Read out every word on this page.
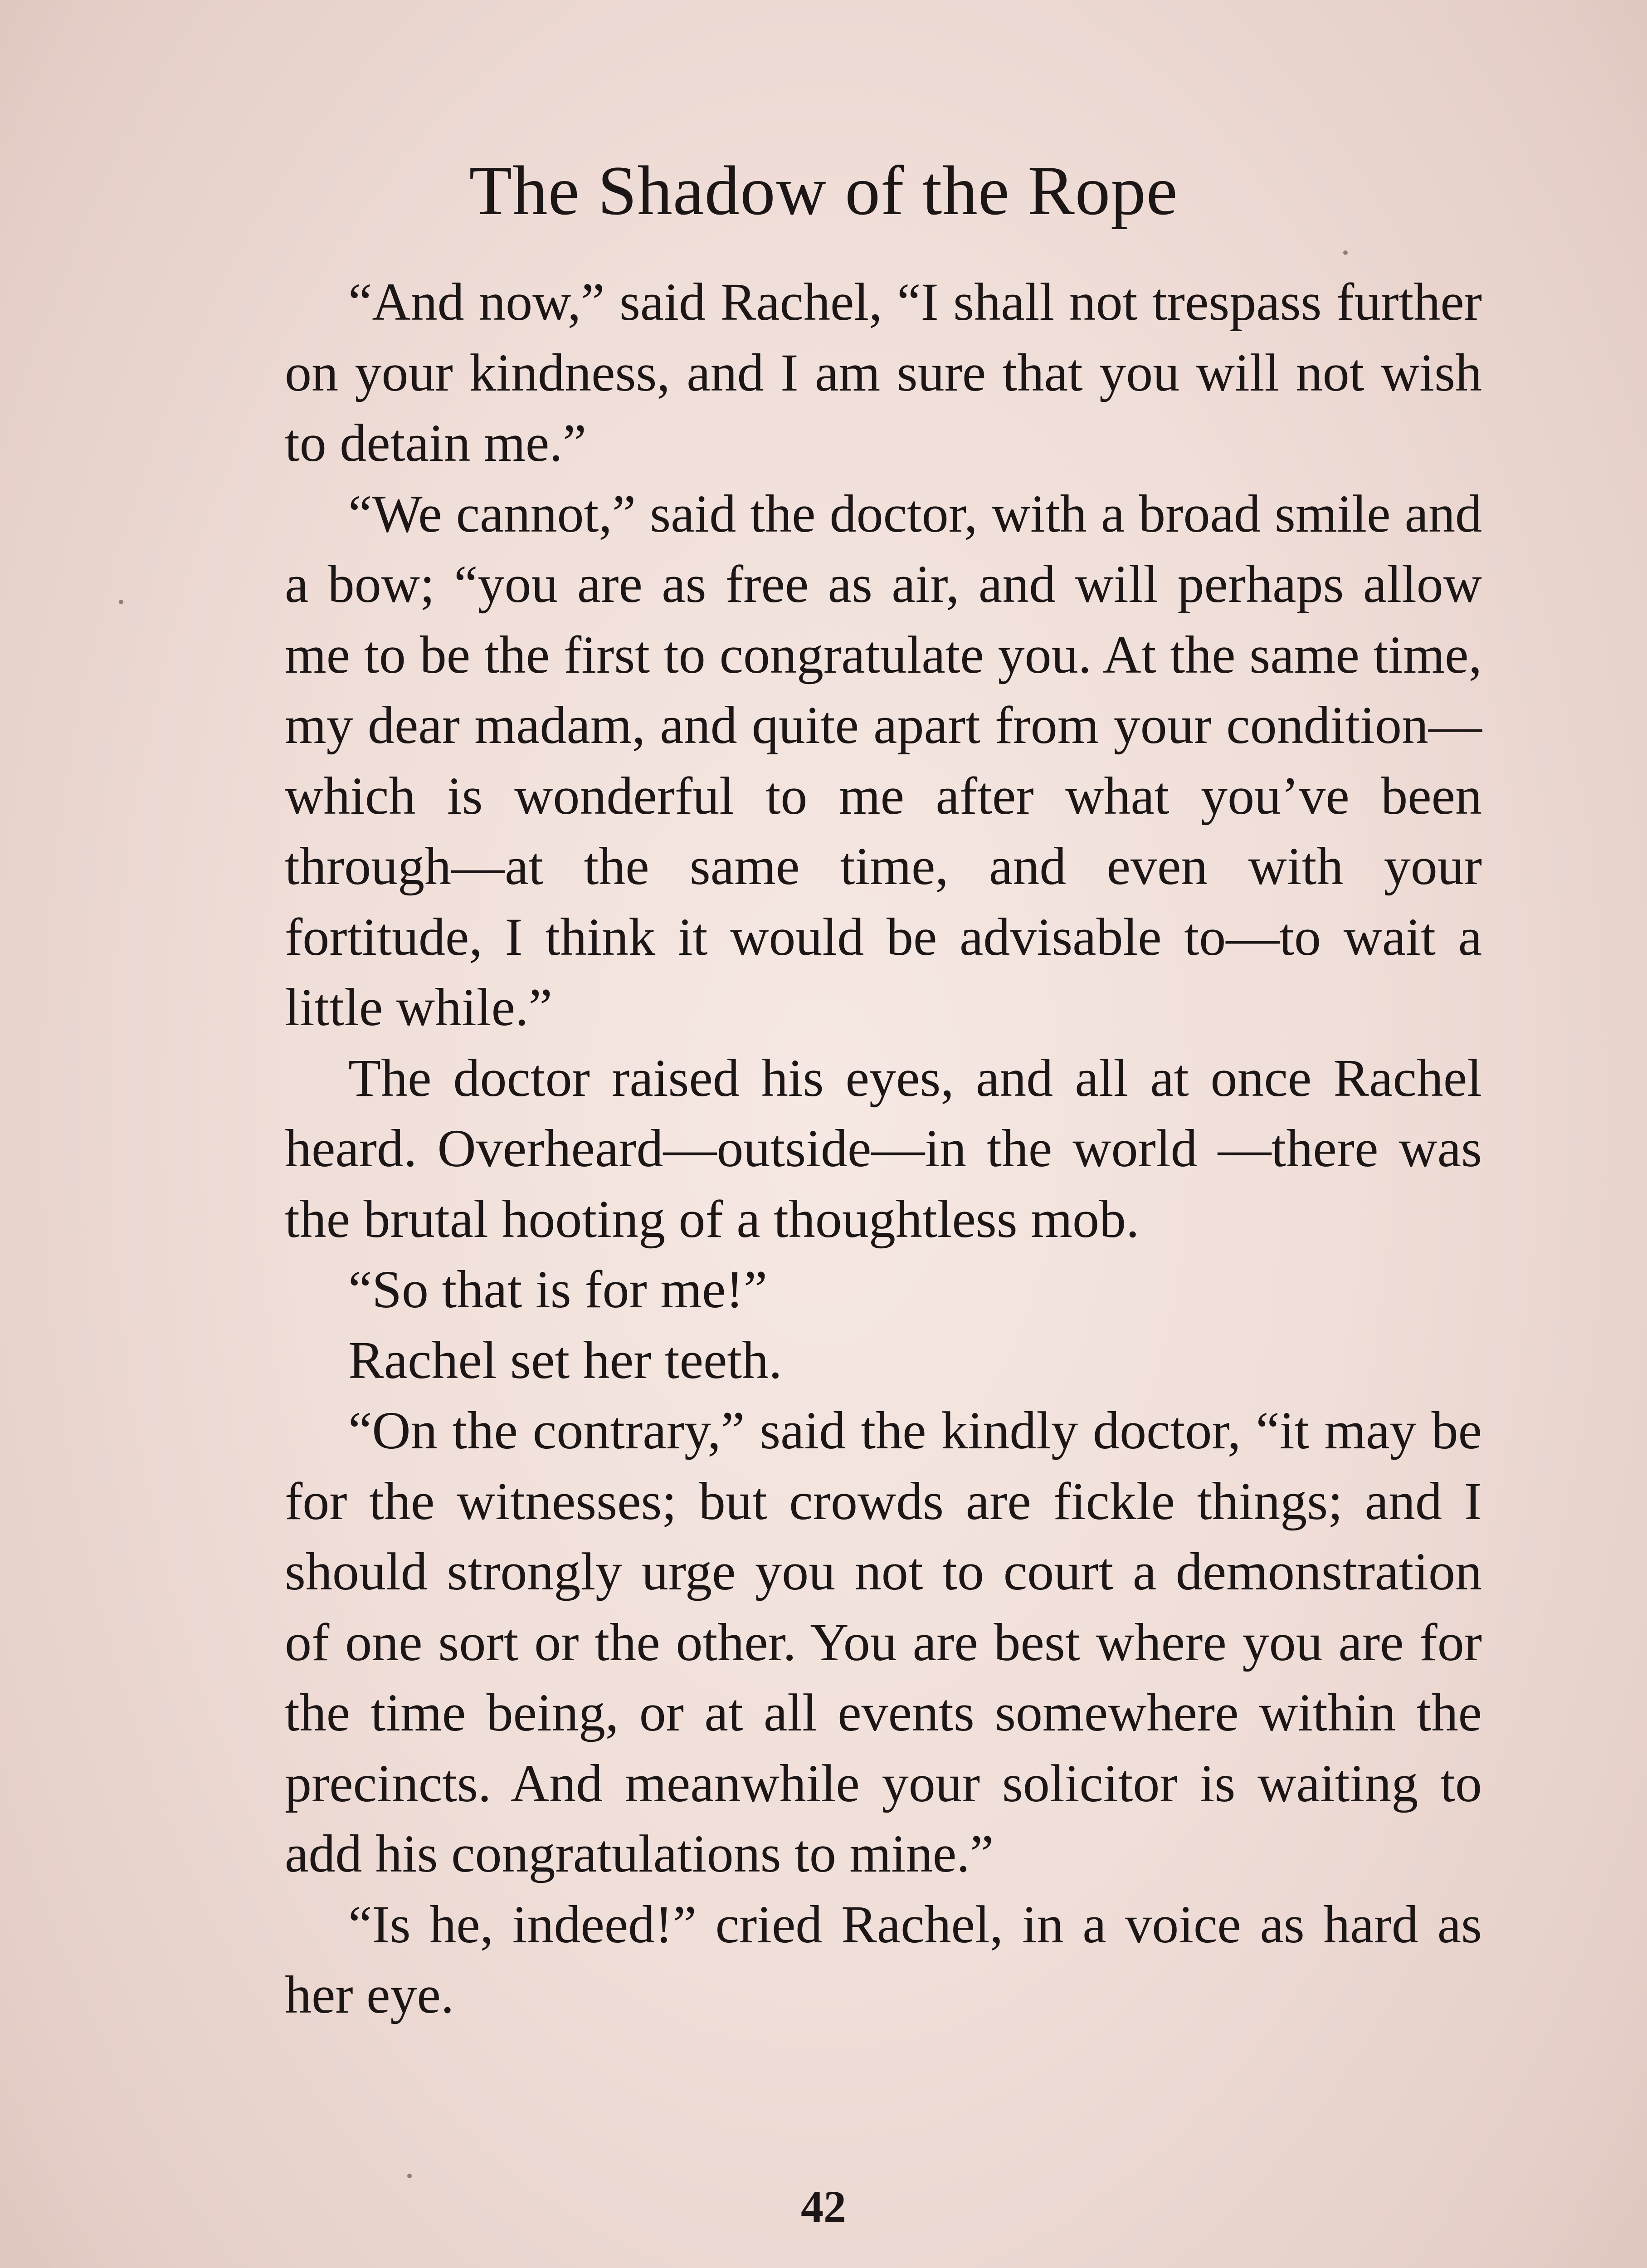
The Shadow of the Rope

“And now,” said Rachel, “I shall not trespass further on your kindness, and I am sure that you will not wish to detain me.”

“We cannot,” said the doctor, with a broad smile and a bow; “you are as free as air, and will perhaps allow me to be the first to congratulate you. At the same time, my dear madam, and quite apart from your condition—which is wonderful to me after what you’ve been through—at the same time, and even with your fortitude, I think it would be advisable to—to wait a little while.”

The doctor raised his eyes, and all at once Rachel heard. Overheard—outside—in the world —there was the brutal hooting of a thoughtless mob.

“So that is for me!”

Rachel set her teeth.

“On the contrary,” said the kindly doctor, “it may be for the witnesses; but crowds are fickle things; and I should strongly urge you not to court a demonstration of one sort or the other. You are best where you are for the time being, or at all events somewhere within the precincts. And meanwhile your solicitor is waiting to add his congratulations to mine.”

“Is he, indeed!” cried Rachel, in a voice as hard as her eye.

42
